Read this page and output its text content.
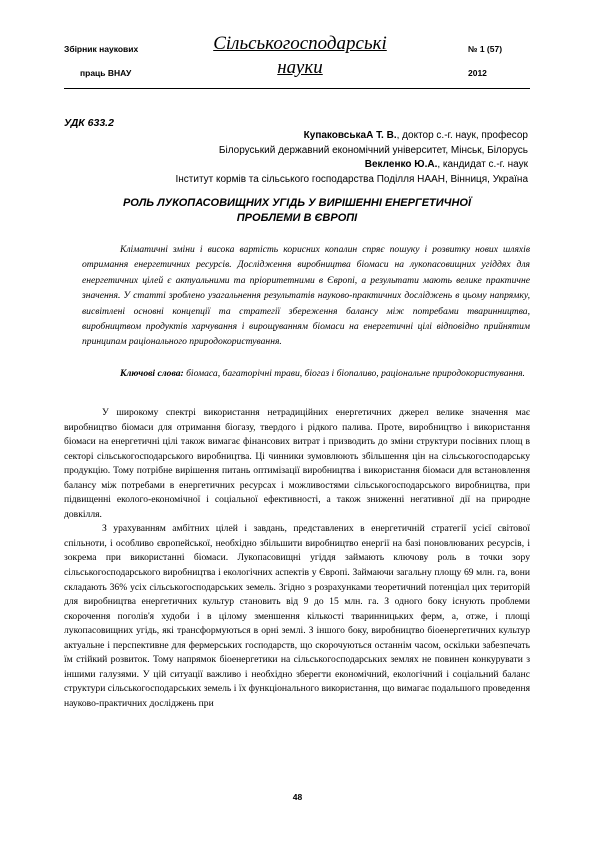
Збірник наукових
праць ВНАУ
Сільськогосподарські
науки
№ 1 (57)
2012
УДК 633.2
КупаковськаА Т. В., доктор с.-г. наук, професор
Білоруський державний економічний університет, Мінськ, Білорусь
Векленко Ю.А., кандидат с.-г. наук
Інститут кормів та сільського господарства Поділля НААН, Вінниця, Україна
РОЛЬ ЛУКОПАСОВИЩНИХ УГІДЬ У ВИРІШЕННІ ЕНЕРГЕТИЧНОЇ
ПРОБЛЕМИ В ЄВРОПІ

Кліматичні зміни і висока вартість корисних копалин спряє пошуку і розвитку нових шляхів отримання енергетичних ресурсів. Дослідження виробництва біомаси на лукопасовищних угіддях для енергетичних цілей є актуальними та пріоритетними в Європі, а результати мають велике практичне значення. У статті зроблено узагальнення результатів науково-практичних досліджень в цьому напрямку, висвітлені основні концепції та стратегії збереження балансу між потребами тваринництва, виробництвом продуктів харчування і вирощуванням біомаси на енергетичні цілі відповідно прийнятим принципам раціонального природокористування.

Ключові слова: біомаса, багаторічні трави, біогаз і біопаливо, раціональне природокористування.

У широкому спектрі використання нетрадиційних енергетичних джерел велике значення має виробництво біомаси для отримання біогазу, твердого і рідкого палива. Проте, виробництво і використання біомаси на енергетичні цілі також вимагає фінансових витрат і призводить до зміни структури посівних площ в секторі сільськогосподарського виробництва. Ці чинники зумовлюють збільшення цін на сільськогосподарську продукцію. Тому потрібне вирішення питань оптимізації виробництва і використання біомаси для встановлення балансу між потребами в енергетичних ресурсах і можливостями сільськогосподарського виробництва, при підвищенні еколого-економічної і соціальної ефективності, а також зниженні негативної дії на природне довкілля.

З урахуванням амбітних цілей і завдань, представлених в енергетичній стратегії усієї світової спільноти, і особливо європейської, необхідно збільшити виробництво енергії на базі поновлюваних ресурсів, і зокрема при використанні біомаси. Лукопасовищні угіддя займають ключову роль в точки зору сільськогосподарського виробництва і екологічних аспектів у Європі. Займаючи загальну площу 69 млн. га, вони складають 36% усіх сільськогосподарських земель. Згідно з розрахунками теоретичний потенціал цих територій для виробництва енергетичних культур становить від 9 до 15 млн. га. З одного боку існують проблеми скорочення поголів'я худоби і в цілому зменшення кількості тваринницьких ферм, а, отже, і площі лукопасовищних угідь, які трансформуються в орні землі. З іншого боку, виробництво біоенергетичних культур актуальне і перспективне для фермерських господарств, що скорочуються останнім часом, оскільки забезпечать їм стійкий розвиток. Тому напрямок біоенергетики на сільськогосподарських землях не повинен конкурувати з іншими галузями. У цій ситуації важливо і необхідно зберегти економічний, екологічний і соціальний баланс структури сільськогосподарських земель і їх функціонального використання, що вимагає подальшого проведення науково-практичних досліджень при

48
